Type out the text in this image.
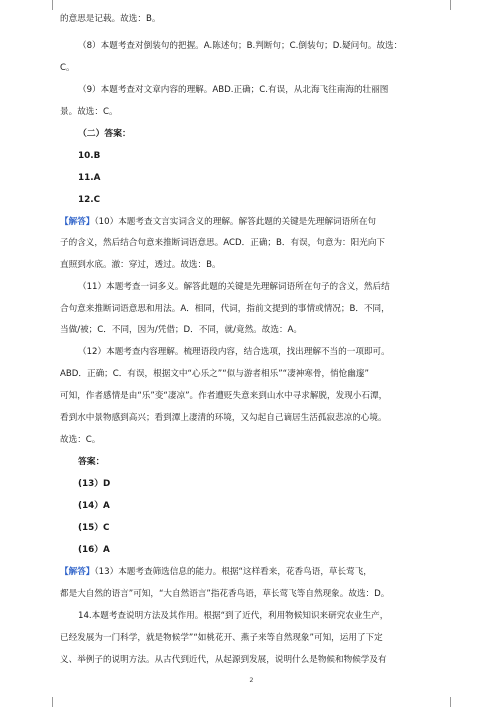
的意思是记载。故选：B。
（8）本题考查对倒装句的把握。A.陈述句；B.判断句；C.倒装句；D.疑问句。故选：
C。
（9）本题考查对文章内容的理解。ABD.正确；C.有误，从北海飞往南海的壮丽图
景。故选：C。
（二）答案：
10.B
11.A
12.C
【解答】（10）本题考查文言实词含义的理解。解答此题的关键是先理解词语所在句
子的含义，然后结合句意来推断词语意思。ACD．正确；B．有误，句意为：阳光向下
直照到水底。澈：穿过，透过。故选：B。
（11）本题考查一词多义。解答此题的关键是先理解词语所在句子的含义，然后结
合句意来推断词语意思和用法。A．相同，代词，指前文提到的事情或情况；B．不同，
当做/被；C．不同，因为/凭借；D．不同，就/竟然。故选：A。
（12）本题考查内容理解。梳理语段内容，结合选项，找出理解不当的一项即可。
ABD．正确；C．有误，根据文中“心乐之”“似与游者相乐”“凄神寒骨，悄怆幽邃”
可知，作者感情是由“乐”变“凄凉”。作者遭贬失意来到山水中寻求解脱，发现小石潭，
看到水中景物感到高兴；看到潭上凄清的环境，又勾起自己谪居生活孤寂悲凉的心境。
故选：C。
答案：
(13）D
(14）A
(15）C
(16）A
【解答】（13）本题考查筛选信息的能力。根据“这样看来，花香鸟语，草长莺飞，
都是大自然的语言”可知，“大自然语言”指花香鸟语，草长莺飞等自然现象。故选：D。
14.本题考查说明方法及其作用。根据“到了近代，利用物候知识来研究农业生产，
已经发展为一门科学，就是物候学”“如桃花开、燕子来等自然现象”可知，运用了下定
义、举例子的说明方法。从古代到近代，从起源到发展，说明什么是物候和物候学及有
2
